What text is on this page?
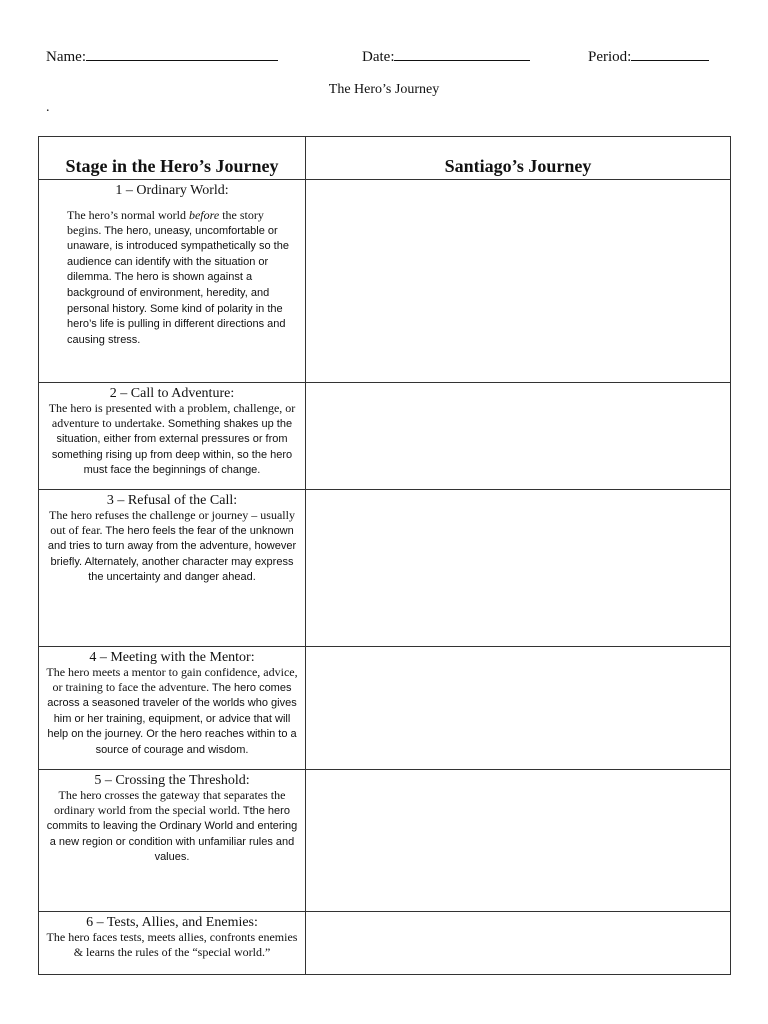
Name:	Date:	Period:
The Hero’s Journey
.
Stage in the Hero’s Journey	Santiago’s Journey

1 – Ordinary World:
The hero’s normal world before the story begins. The hero, uneasy, uncomfortable or unaware, is introduced sympathetically so the audience can identify with the situation or dilemma. The hero is shown against a background of environment, heredity, and personal history. Some kind of polarity in the hero’s life is pulling in different directions and causing stress.	

2 – Call to Adventure:
The hero is presented with a problem, challenge, or adventure to undertake. Something shakes up the situation, either from external pressures or from something rising up from deep within, so the hero must face the beginnings of change.	

3 – Refusal of the Call:
The hero refuses the challenge or journey – usually out of fear. The hero feels the fear of the unknown and tries to turn away from the adventure, however briefly. Alternately, another character may express the uncertainty and danger ahead.	

4 – Meeting with the Mentor:
The hero meets a mentor to gain confidence, advice, or training to face the adventure. The hero comes across a seasoned traveler of the worlds who gives him or her training, equipment, or advice that will help on the journey. Or the hero reaches within to a source of courage and wisdom.	

5 – Crossing the Threshold:
The hero crosses the gateway that separates the ordinary world from the special world. Tthe hero commits to leaving the Ordinary World and entering a new region or condition with unfamiliar rules and values.	

6 – Tests, Allies, and Enemies:
The hero faces tests, meets allies, confronts enemies & learns the rules of the “special world.”	
